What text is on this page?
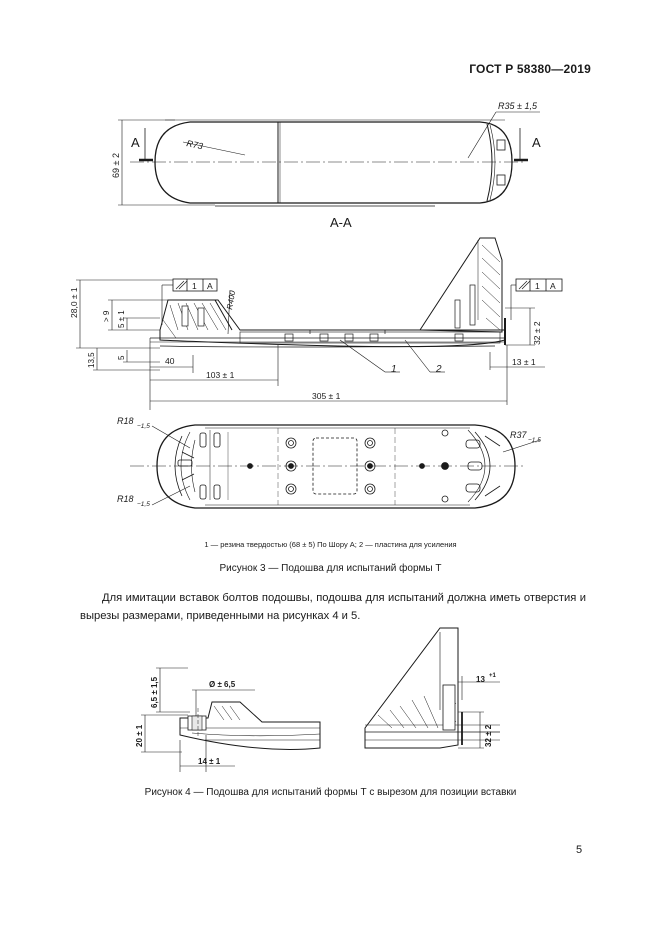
ГОСТ Р 58380—2019
A	A
R73
R35 ± 1,5
69 ± 2
А-А
28,0 ± 1	> 9 5 ± 1
13,5	5	40
103 ± 1
305 ± 1
32 ± 2
13 ± 1
R400
1 A	1 A
1	2
R18
−1,5
R18
−1,5
R37
−1,5
6,5 ± 1,5	Ø ± 6,5
20 ± 1
14 ± 1
13 +1
32 ± 2
1 — резина твердостью (68 ± 5) По Шору А; 2 — пластина для усиления
Рисунок 3 — Подошва для испытаний формы Т
Для имитации вставок болтов подошвы, подошва для испытаний должна иметь отверстия и вырезы размерами, приведенными на рисунках 4 и 5.
Рисунок 4 — Подошва для испытаний формы Т с вырезом для позиции вставки
5
